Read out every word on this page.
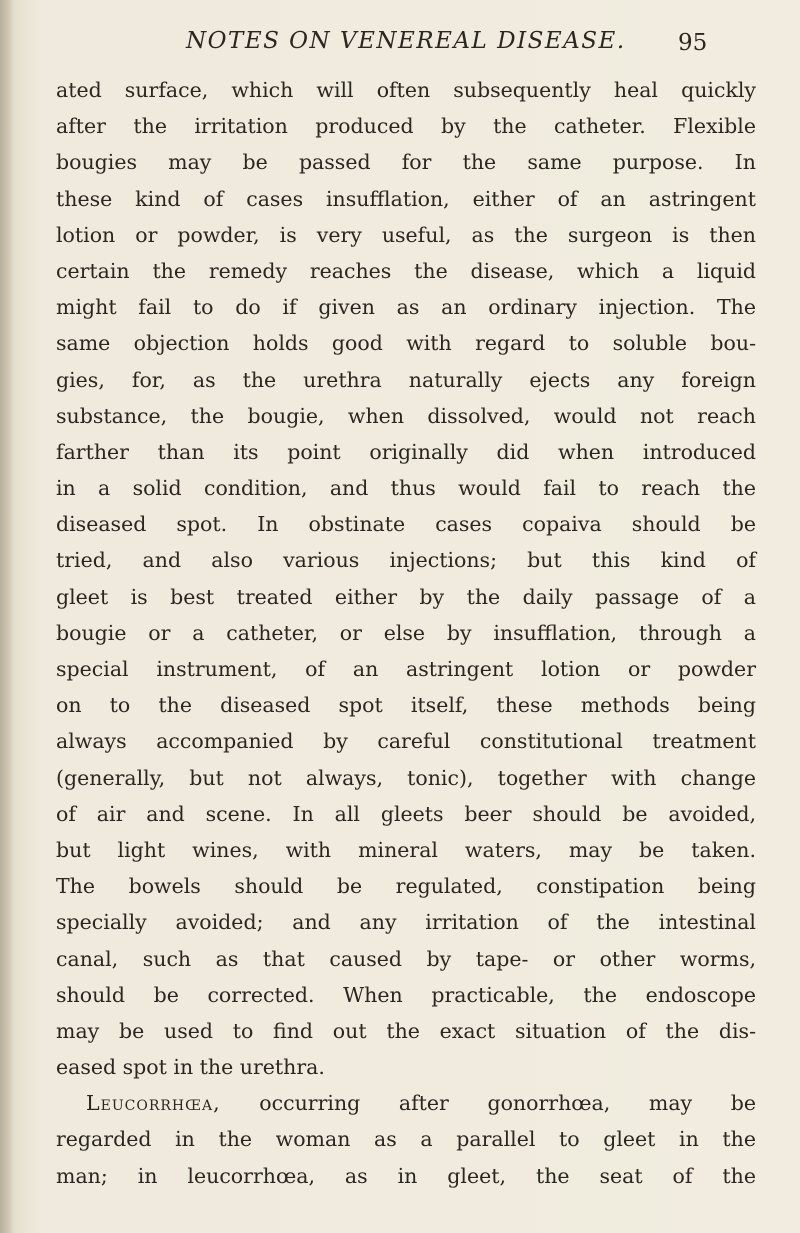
NOTES ON VENEREAL DISEASE. 95
ated surface, which will often subsequently heal quickly
after the irritation produced by the catheter. Flexible
bougies may be passed for the same purpose. In
these kind of cases insufflation, either of an astringent
lotion or powder, is very useful, as the surgeon is then
certain the remedy reaches the disease, which a liquid
might fail to do if given as an ordinary injection. The
same objection holds good with regard to soluble bou-
gies, for, as the urethra naturally ejects any foreign
substance, the bougie, when dissolved, would not reach
farther than its point originally did when introduced
in a solid condition, and thus would fail to reach the
diseased spot. In obstinate cases copaiva should be
tried, and also various injections; but this kind of
gleet is best treated either by the daily passage of a
bougie or a catheter, or else by insufflation, through a
special instrument, of an astringent lotion or powder
on to the diseased spot itself, these methods being
always accompanied by careful constitutional treatment
(generally, but not always, tonic), together with change
of air and scene. In all gleets beer should be avoided,
but light wines, with mineral waters, may be taken.
The bowels should be regulated, constipation being
specially avoided; and any irritation of the intestinal
canal, such as that caused by tape- or other worms,
should be corrected. When practicable, the endoscope
may be used to find out the exact situation of the dis-
eased spot in the urethra.
Leucorrhœa, occurring after gonorrhœa, may be
regarded in the woman as a parallel to gleet in the
man; in leucorrhœa, as in gleet, the seat of the
